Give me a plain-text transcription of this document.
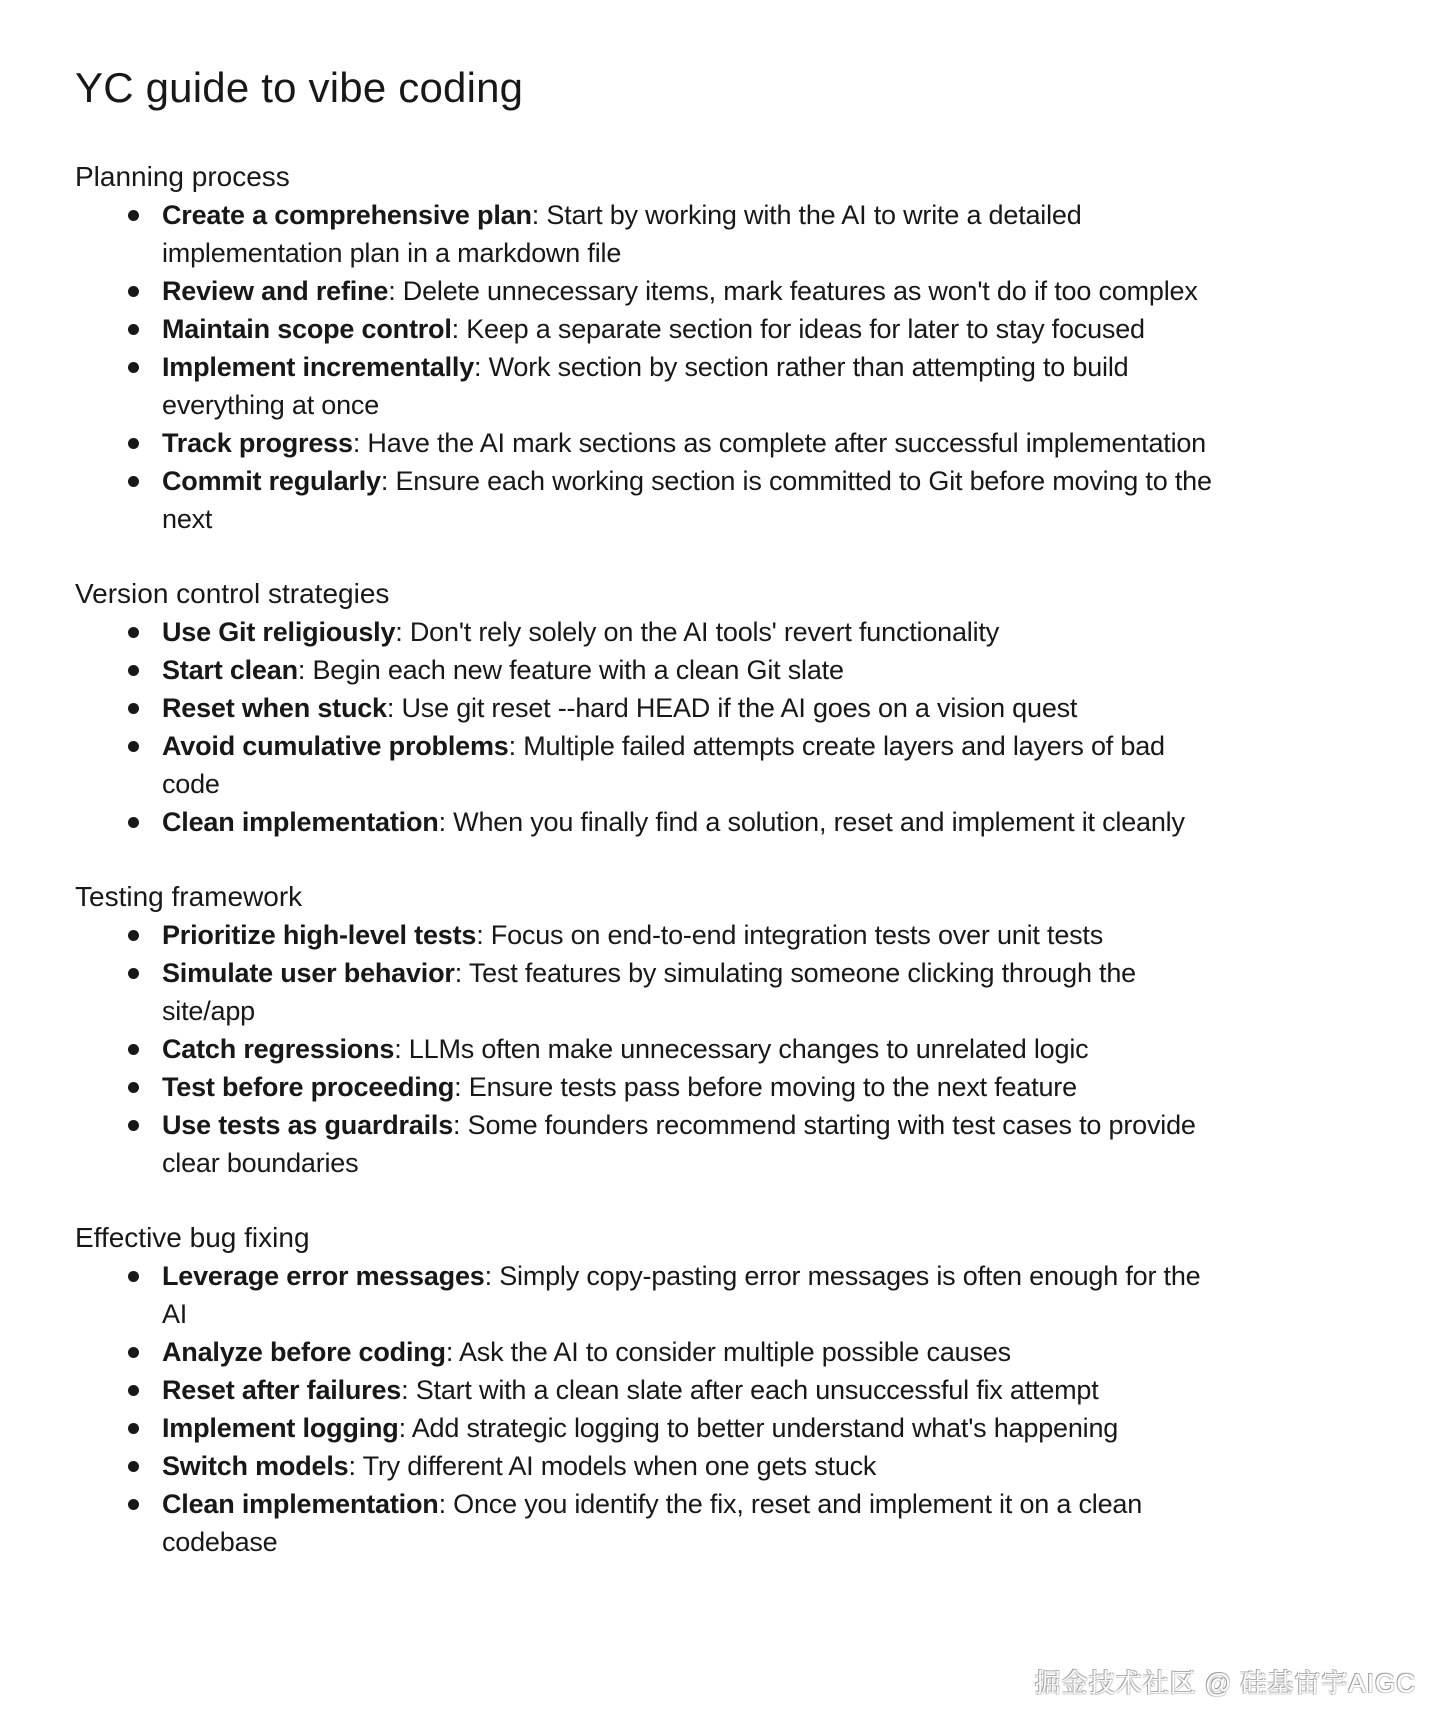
YC guide to vibe coding
Planning process
Create a comprehensive plan: Start by working with the AI to write a detailed implementation plan in a markdown file
Review and refine: Delete unnecessary items, mark features as won't do if too complex
Maintain scope control: Keep a separate section for ideas for later to stay focused
Implement incrementally: Work section by section rather than attempting to build everything at once
Track progress: Have the AI mark sections as complete after successful implementation
Commit regularly: Ensure each working section is committed to Git before moving to the next
Version control strategies
Use Git religiously: Don't rely solely on the AI tools' revert functionality
Start clean: Begin each new feature with a clean Git slate
Reset when stuck: Use git reset --hard HEAD if the AI goes on a vision quest
Avoid cumulative problems: Multiple failed attempts create layers and layers of bad code
Clean implementation: When you finally find a solution, reset and implement it cleanly
Testing framework
Prioritize high-level tests: Focus on end-to-end integration tests over unit tests
Simulate user behavior: Test features by simulating someone clicking through the site/app
Catch regressions: LLMs often make unnecessary changes to unrelated logic
Test before proceeding: Ensure tests pass before moving to the next feature
Use tests as guardrails: Some founders recommend starting with test cases to provide clear boundaries
Effective bug fixing
Leverage error messages: Simply copy-pasting error messages is often enough for the AI
Analyze before coding: Ask the AI to consider multiple possible causes
Reset after failures: Start with a clean slate after each unsuccessful fix attempt
Implement logging: Add strategic logging to better understand what's happening
Switch models: Try different AI models when one gets stuck
Clean implementation: Once you identify the fix, reset and implement it on a clean codebase
掘金技术社区 @ 硅基宙宇AIGC
